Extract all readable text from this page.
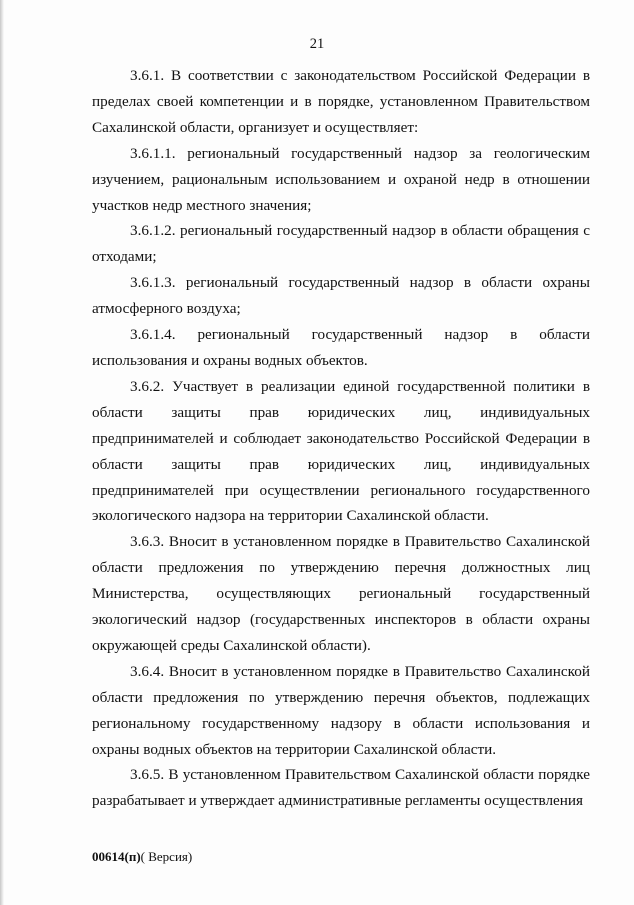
21

3.6.1. В соответствии с законодательством Российской Федерации в пределах своей компетенции и в порядке, установленном Правительством Сахалинской области, организует и осуществляет:

3.6.1.1. региональный государственный надзор за геологическим изучением, рациональным использованием и охраной недр в отношении участков недр местного значения;

3.6.1.2. региональный государственный надзор в области обращения с отходами;

3.6.1.3. региональный государственный надзор в области охраны атмосферного воздуха;

3.6.1.4. региональный государственный надзор в области использования и охраны водных объектов.

3.6.2. Участвует в реализации единой государственной политики в области защиты прав юридических лиц, индивидуальных предпринимателей и соблюдает законодательство Российской Федерации в области защиты прав юридических лиц, индивидуальных предпринимателей при осуществлении регионального государственного экологического надзора на территории Сахалинской области.

3.6.3. Вносит в установленном порядке в Правительство Сахалинской области предложения по утверждению перечня должностных лиц Министерства, осуществляющих региональный государственный экологический надзор (государственных инспекторов в области охраны окружающей среды Сахалинской области).

3.6.4. Вносит в установленном порядке в Правительство Сахалинской области предложения по утверждению перечня объектов, подлежащих региональному государственному надзору в области использования и охраны водных объектов на территории Сахалинской области.

3.6.5. В установленном Правительством Сахалинской области порядке разрабатывает и утверждает административные регламенты осуществления

00614(п)( Версия)
